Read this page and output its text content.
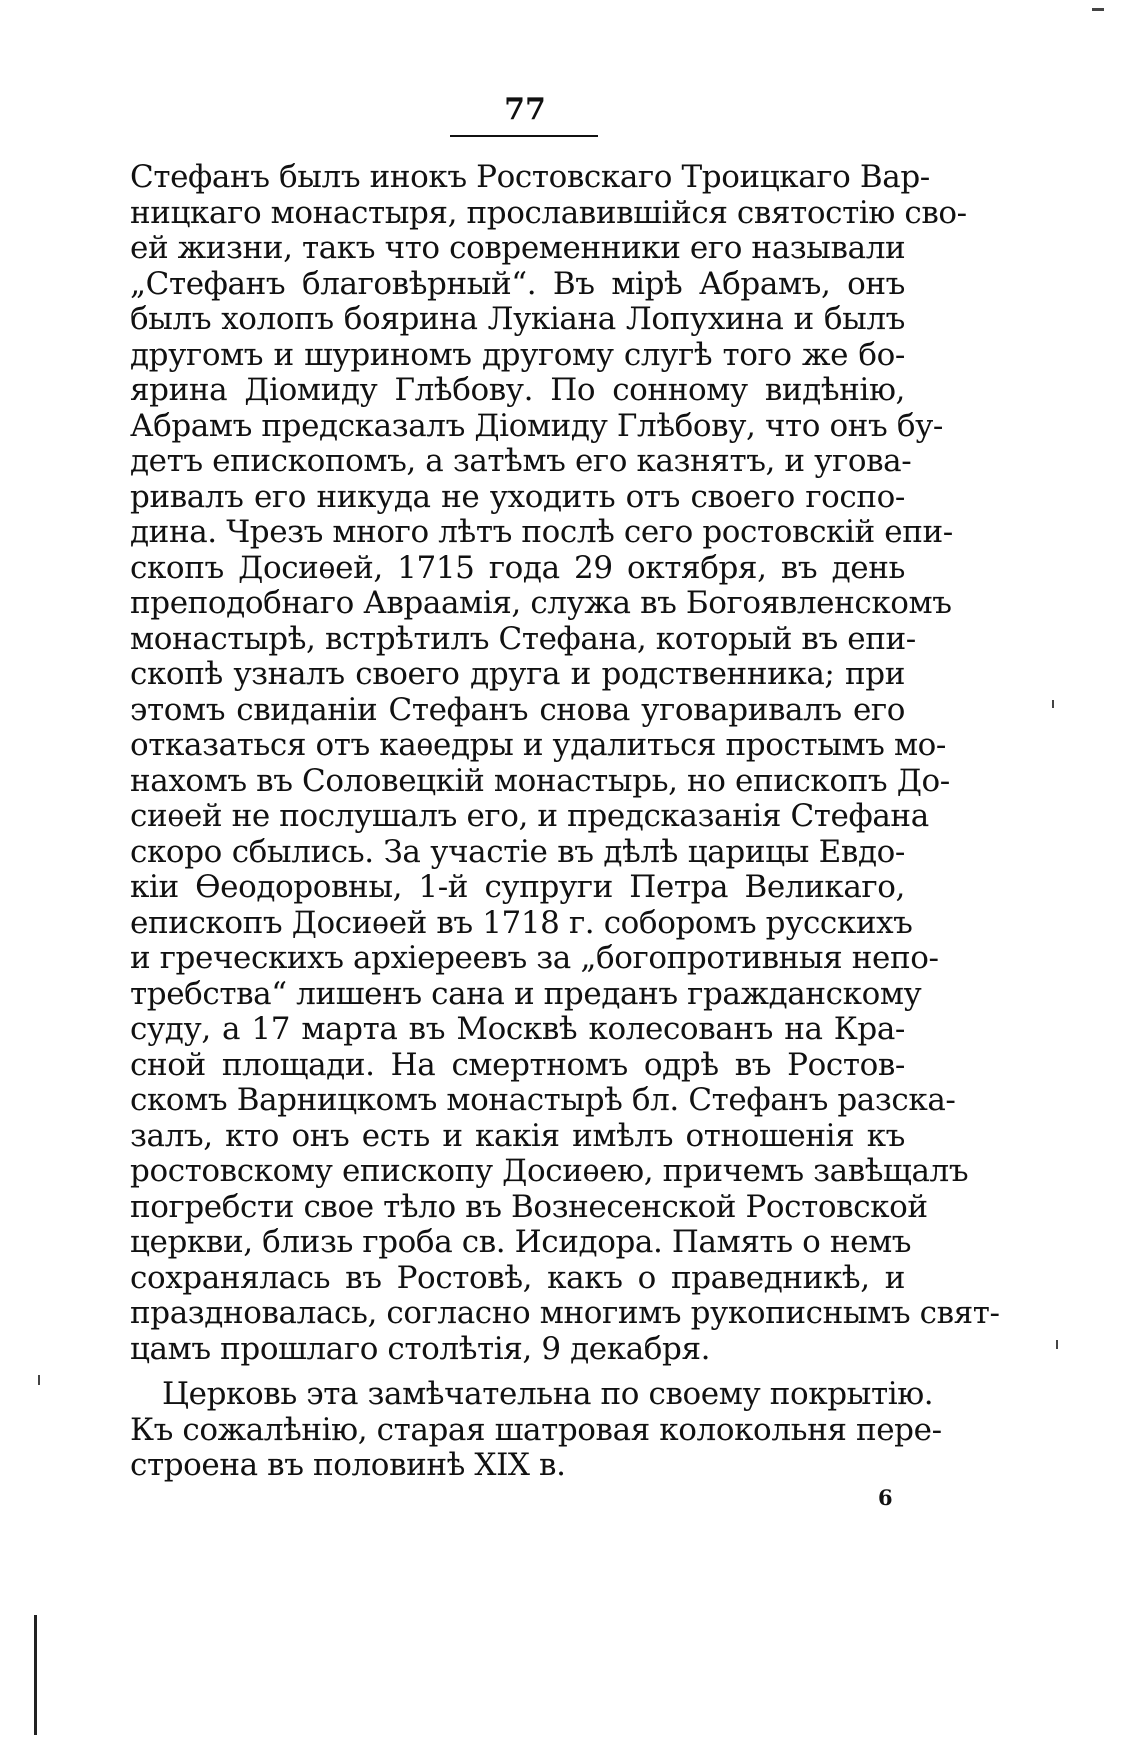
77
Стефанъ былъ инокъ Ростовскаго Троицкаго Вар-
ницкаго монастыря, прославившійся святостію сво-
ей жизни, такъ что современники его называли
„Стефанъ благовѣрный“. Въ мірѣ Абрамъ, онъ
былъ холопъ боярина Лукіана Лопухина и былъ
другомъ и шуриномъ другому слугѣ того же бо-
ярина Діомиду Глѣбову. По сонному видѣнію,
Абрамъ предсказалъ Діомиду Глѣбову, что онъ бу-
детъ епископомъ, а затѣмъ его казнятъ, и угова-
ривалъ его никуда не уходить отъ своего госпо-
дина. Чрезъ много лѣтъ послѣ сего ростовскій епи-
скопъ Досиѳей, 1715 года 29 октября, въ день
преподобнаго Авраамія, служа въ Богоявленскомъ
монастырѣ, встрѣтилъ Стефана, который въ епи-
скопѣ узналъ своего друга и родственника; при
этомъ свиданіи Стефанъ снова уговаривалъ его
отказаться отъ каѳедры и удалиться простымъ мо-
нахомъ въ Соловецкій монастырь, но епископъ До-
сиѳей не послушалъ его, и предсказанія Стефана
скоро сбылись. За участіе въ дѣлѣ царицы Евдо-
кіи Ѳеодоровны, 1-й супруги Петра Великаго,
епископъ Досиѳей въ 1718 г. соборомъ русскихъ
и греческихъ архіереевъ за „богопротивныя непо-
требства“ лишенъ сана и преданъ гражданскому
суду, а 17 марта въ Москвѣ колесованъ на Кра-
сной площади. На смертномъ одрѣ въ Ростов-
скомъ Варницкомъ монастырѣ бл. Стефанъ разска-
залъ, кто онъ есть и какія имѣлъ отношенія къ
ростовскому епископу Досиѳею, причемъ завѣщалъ
погребсти свое тѣло въ Вознесенской Ростовской
церкви, близь гроба св. Исидора. Память о немъ
сохранялась въ Ростовѣ, какъ о праведникѣ, и
праздновалась, согласно многимъ рукописнымъ свят-
цамъ прошлаго столѣтія, 9 декабря.
Церковь эта замѣчательна по своему покрытію.
Къ сожалѣнію, старая шатровая колокольня пере-
строена въ половинѣ XIX в.
6
